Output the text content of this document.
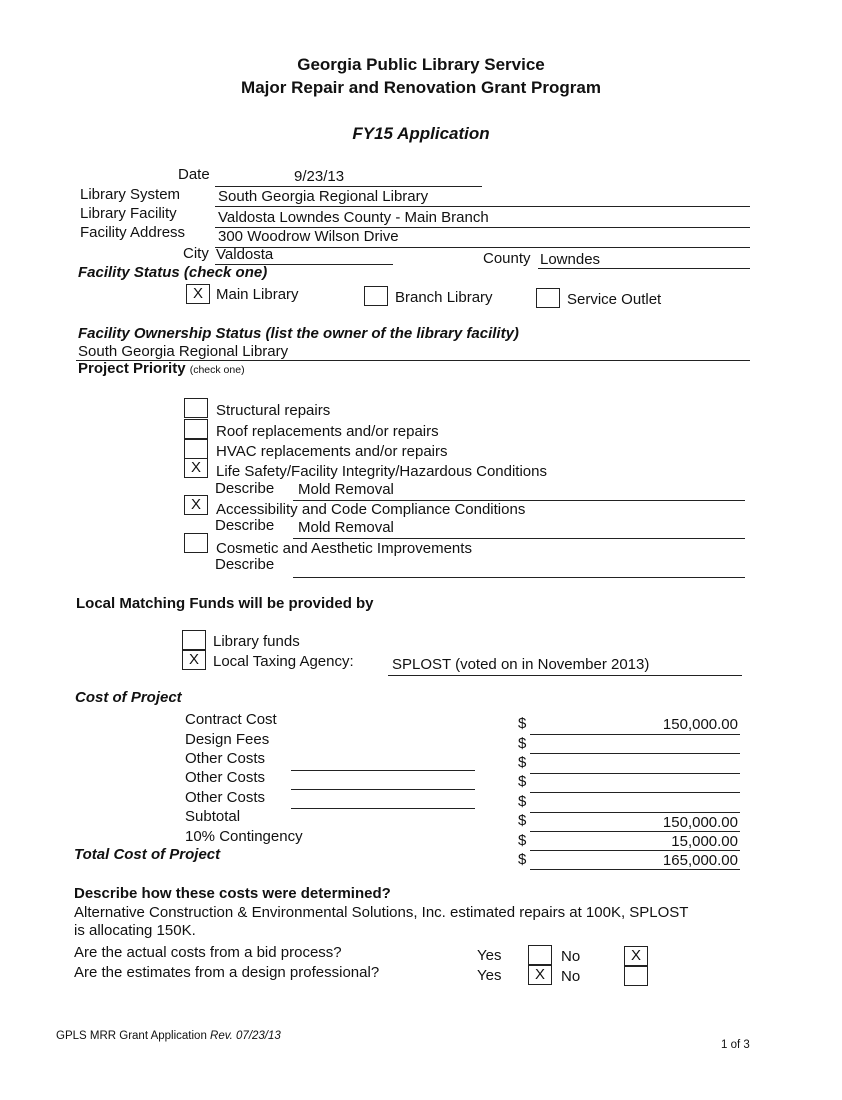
Georgia Public Library Service
Major Repair and Renovation Grant Program
FY15 Application
Date	9/23/13
Library System	South Georgia Regional Library
Library Facility	Valdosta Lowndes County - Main Branch
Facility Address 300 Woodrow Wilson Drive
City Valdosta	County Lowndes
Facility Status (check one)
X Main Library	Branch Library	Service Outlet
Facility Ownership Status (list the owner of the library facility)
South Georgia Regional Library
Project Priority (check one)
Structural repairs
Roof replacements and/or repairs
HVAC replacements and/or repairs
X	Life Safety/Facility Integrity/Hazardous Conditions
Describe Mold Removal
X	Accessibility and Code Compliance Conditions
Describe Mold Removal
Cosmetic and Aesthetic Improvements
Describe
Local Matching Funds will be provided by
Library funds
X Local Taxing Agency:	SPLOST (voted on in November 2013)
Cost of Project
Contract Cost	$	150,000.00
Design Fees	$
Other Costs	$
Other Costs	$
Other Costs	$
Subtotal	$	150,000.00
10% Contingency	$	15,000.00
Total Cost of Project	$	165,000.00
Describe how these costs were determined?
Alternative Construction & Environmental Solutions, Inc. estimated repairs at 100K, SPLOST
is allocating 150K.
Are the actual costs from a bid process?	Yes	No	X
Are the estimates from a design professional?	Yes	X	No
GPLS MRR Grant Application Rev. 07/23/13
1 of 3
